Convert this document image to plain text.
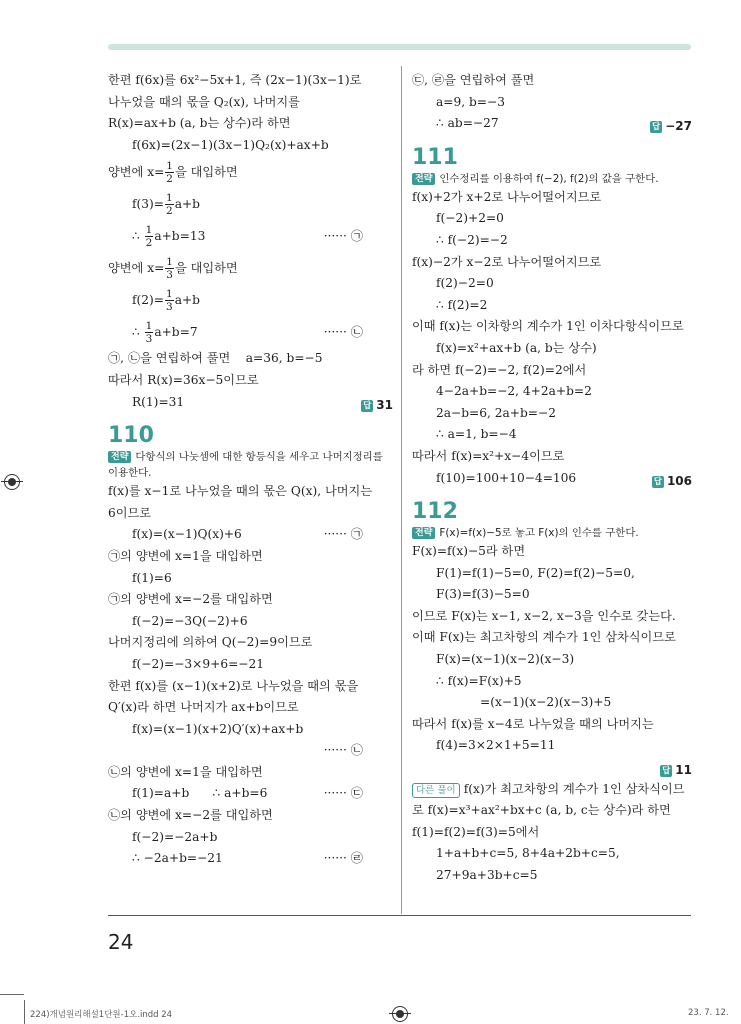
한편 f(6x)를 6x²−5x+1, 즉 (2x−1)(3x−1)로
나누었을 때의 몫을 Q₂(x), 나머지를
R(x)=ax+b (a, b는 상수)라 하면
f(6x)=(2x−1)(3x−1)Q₂(x)+ax+b
양변에 $x= \frac{1}{2}$ 을 대입하면
$f(3)= \frac{1}{2} a+b$
∴ $\frac{1}{2} a+b=13$	······ ㉠
양변에 $x= \frac{1}{3}$ 을 대입하면
$f(2)= \frac{1}{3} a+b$
∴ $\frac{1}{3} a+b=7$	······ ㉡
㉠, ㉡을 연립하여 풀면    a=36, b=−5
따라서 R(x)=36x−5이므로
R(1)=31	답 31
110
전략 다항식의 나눗셈에 대한 항등식을 세우고 나머지정리를 이용한다.
f(x)를 x−1로 나누었을 때의 몫은 Q(x), 나머지는
6이므로
f(x)=(x−1)Q(x)+6	······ ㉠
㉠의 양변에 x=1을 대입하면
f(1)=6
㉠의 양변에 x=−2를 대입하면
f(−2)=−3Q(−2)+6
나머지정리에 의하여 Q(−2)=9이므로
f(−2)=−3×9+6=−21
한편 f(x)를 (x−1)(x+2)로 나누었을 때의 몫을
Q′(x)라 하면 나머지가 ax+b이므로
f(x)=(x−1)(x+2)Q′(x)+ax+b
······ ㉡
㉡의 양변에 x=1을 대입하면
f(1)=a+b      ∴ a+b=6	······ ㉢
㉡의 양변에 x=−2를 대입하면
f(−2)=−2a+b
∴ −2a+b=−21	······ ㉣
㉢, ㉣을 연립하여 풀면
a=9, b=−3
∴ ab=−27	답 −27
111
전략 인수정리를 이용하여 f(−2), f(2)의 값을 구한다.
f(x)+2가 x+2로 나누어떨어지므로
f(−2)+2=0
∴ f(−2)=−2
f(x)−2가 x−2로 나누어떨어지므로
f(2)−2=0
∴ f(2)=2
이때 f(x)는 이차항의 계수가 1인 이차다항식이므로
f(x)=x²+ax+b (a, b는 상수)
라 하면 f(−2)=−2, f(2)=2에서
4−2a+b=−2, 4+2a+b=2
2a−b=6, 2a+b=−2
∴ a=1, b=−4
따라서 f(x)=x²+x−4이므로
f(10)=100+10−4=106	답 106
112
전략 F(x)=f(x)−5로 놓고 F(x)의 인수를 구한다.
F(x)=f(x)−5라 하면
F(1)=f(1)−5=0, F(2)=f(2)−5=0,
F(3)=f(3)−5=0
이므로 F(x)는 x−1, x−2, x−3을 인수로 갖는다.
이때 F(x)는 최고차항의 계수가 1인 삼차식이므로
F(x)=(x−1)(x−2)(x−3)
∴ f(x)=F(x)+5
=(x−1)(x−2)(x−3)+5
따라서 f(x)를 x−4로 나누었을 때의 나머지는
f(4)=3×2×1+5=11
답 11
다른 풀이 f(x)가 최고차항의 계수가 1인 삼차식이므
로 f(x)=x³+ax²+bx+c (a, b, c는 상수)라 하면
f(1)=f(2)=f(3)=5에서
1+a+b+c=5, 8+4a+2b+c=5,
27+9a+3b+c=5
24
224)개념원리해설1단원-1오.indd 24	23. 7. 12.
